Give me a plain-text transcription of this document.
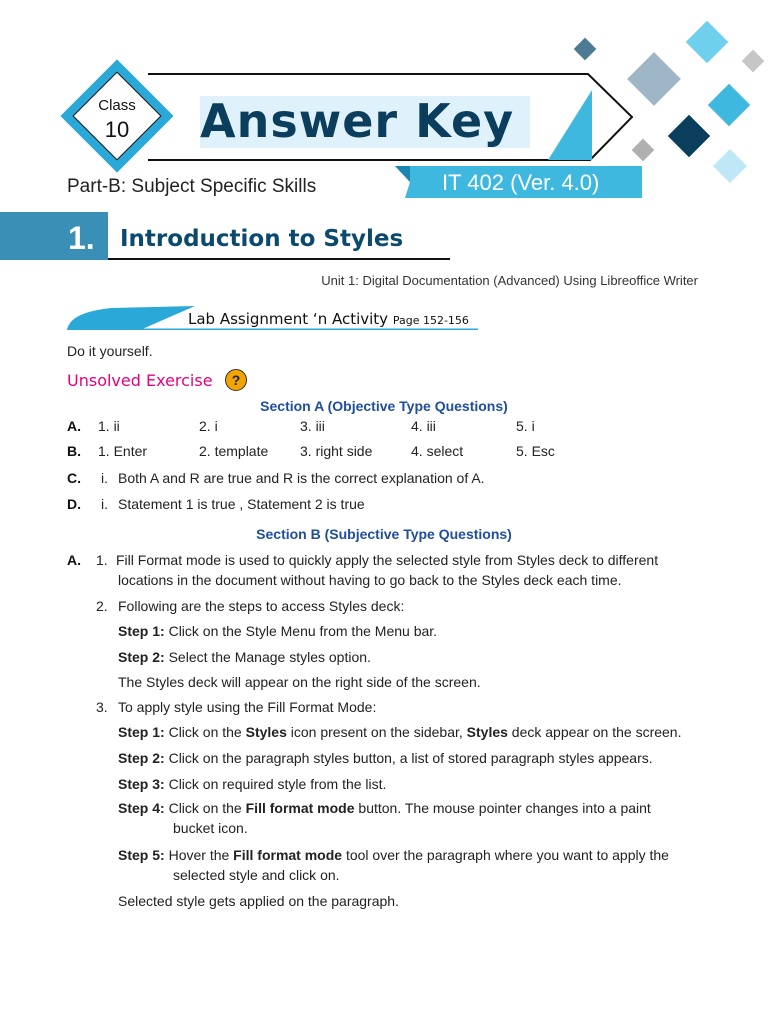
Class
10 Answer Key
Part-B: Subject Specific Skills	IT 402 (Ver. 4.0)
1. Introduction to Styles
Unit 1: Digital Documentation (Advanced) Using Libreoffice Writer
Lab Assignment ‘n Activity Page 152-156
Do it yourself.
Unsolved Exercise	?
Section A (Objective Type Questions)
A. 1. ii	2. i	3. iii	4. iii	5. i
B. 1. Enter	2. template 3. right side	4. select	5. Esc
C. i. Both A and R are true and R is the correct explanation of A.
D. i. Statement 1 is true , Statement 2 is true
Section B (Subjective Type Questions)
A. 1. Fill Format mode is used to quickly apply the selected style from Styles deck to different
locations in the document without having to go back to the Styles deck each time.
2. Following are the steps to access Styles deck:
Step 1: Click on the Style Menu from the Menu bar.
Step 2: Select the Manage styles option.
The Styles deck will appear on the right side of the screen.
3. To apply style using the Fill Format Mode:
Step 1: Click on the Styles icon present on the sidebar, Styles deck appear on the screen.
Step 2: Click on the paragraph styles button, a list of stored paragraph styles appears.
Step 3: Click on required style from the list.
Step 4: Click on the Fill format mode button. The mouse pointer changes into a paint
bucket icon.
Step 5: Hover the Fill format mode tool over the paragraph where you want to apply the
selected style and click on.
Selected style gets applied on the paragraph.
